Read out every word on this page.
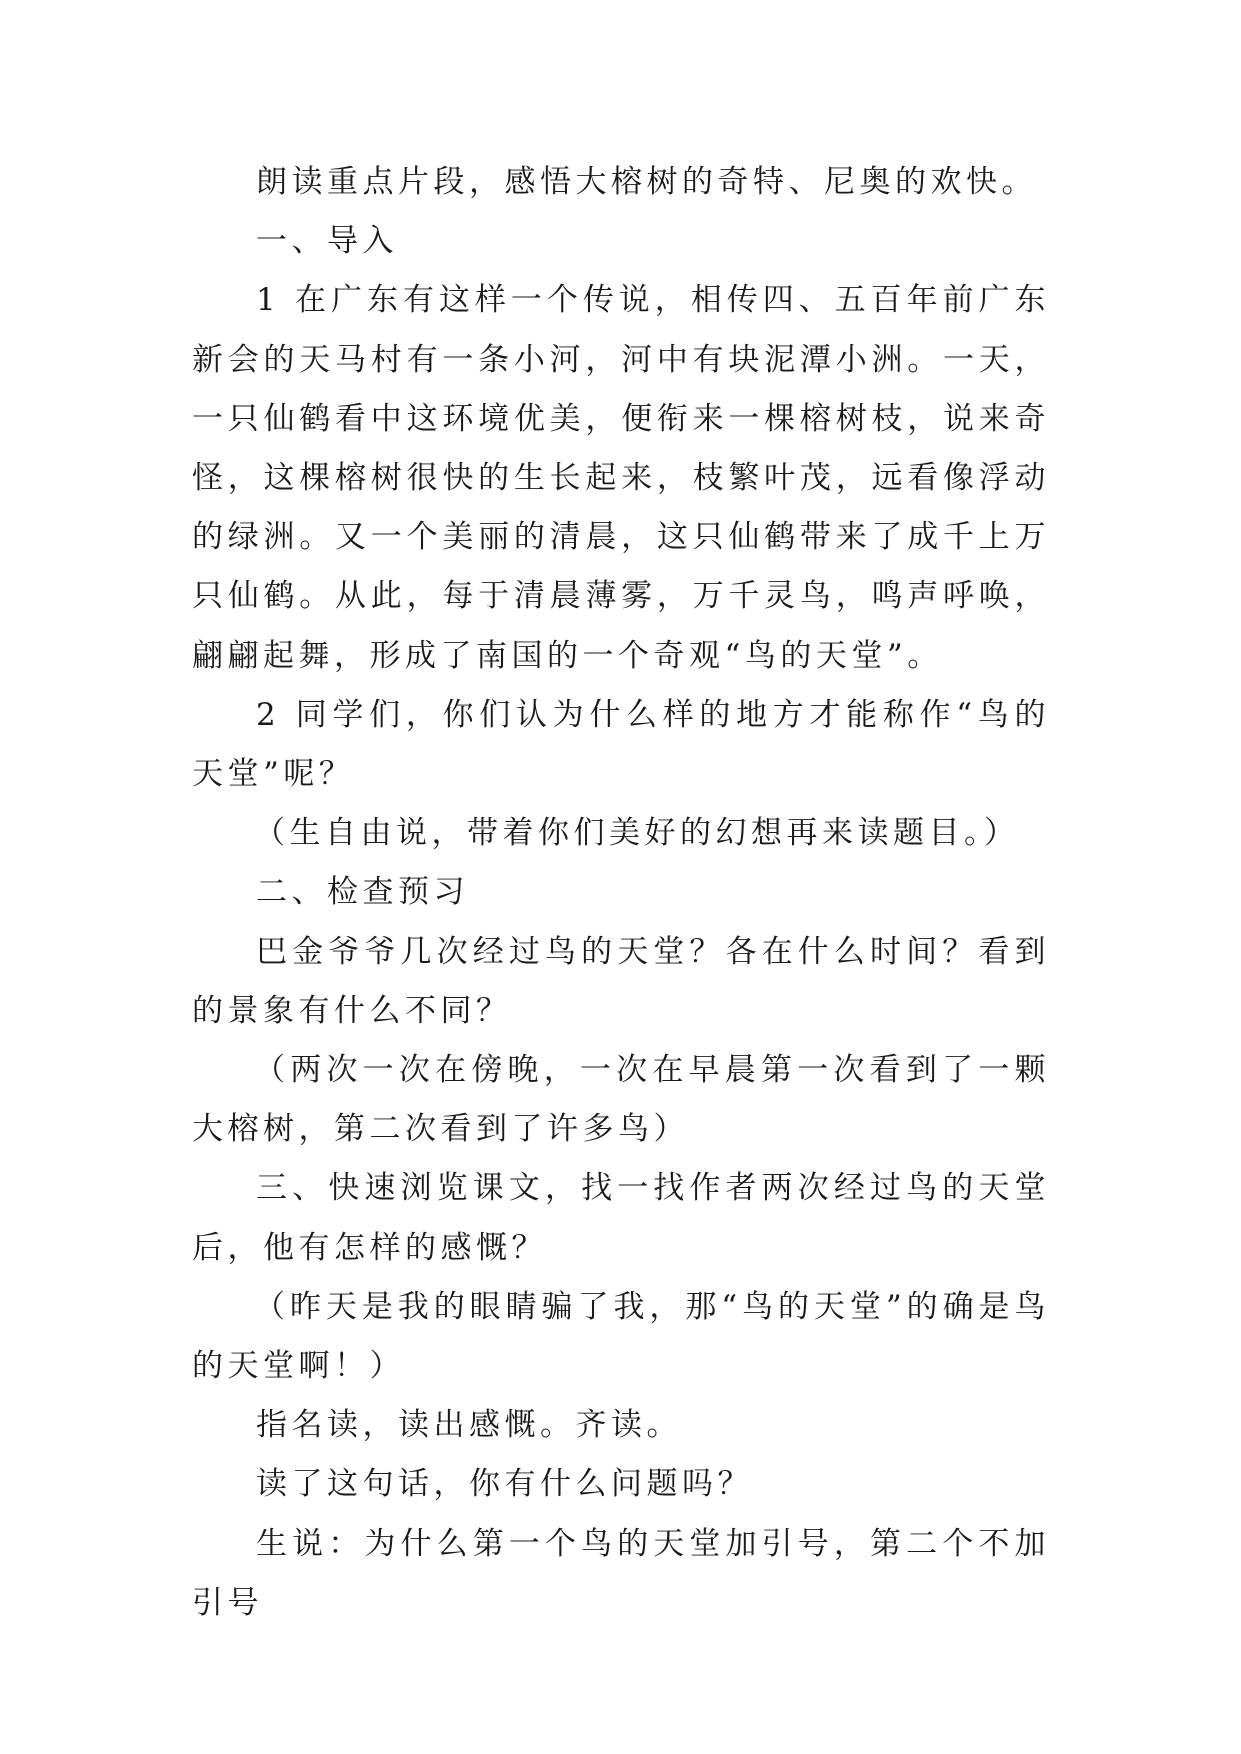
朗读重点片段，感悟大榕树的奇特、尼奥的欢快。

一、导入

1 在广东有这样一个传说，相传四、五百年前广东新会的天马村有一条小河，河中有块泥潭小洲。一天，一只仙鹤看中这环境优美，便衔来一棵榕树枝，说来奇怪，这棵榕树很快的生长起来，枝繁叶茂，远看像浮动的绿洲。又一个美丽的清晨，这只仙鹤带来了成千上万只仙鹤。从此，每于清晨薄雾，万千灵鸟，鸣声呼唤，翩翩起舞，形成了南国的一个奇观“鸟的天堂”。

2 同学们，你们认为什么样的地方才能称作“鸟的天堂”呢？

（生自由说，带着你们美好的幻想再来读题目。）

二、检查预习

巴金爷爷几次经过鸟的天堂？各在什么时间？看到的景象有什么不同？

（两次一次在傍晚，一次在早晨第一次看到了一颗大榕树，第二次看到了许多鸟）

三、快速浏览课文，找一找作者两次经过鸟的天堂后，他有怎样的感慨？

（昨天是我的眼睛骗了我，那“鸟的天堂”的确是鸟的天堂啊！）

指名读，读出感慨。齐读。

读了这句话，你有什么问题吗？

生说：为什么第一个鸟的天堂加引号，第二个不加引号
